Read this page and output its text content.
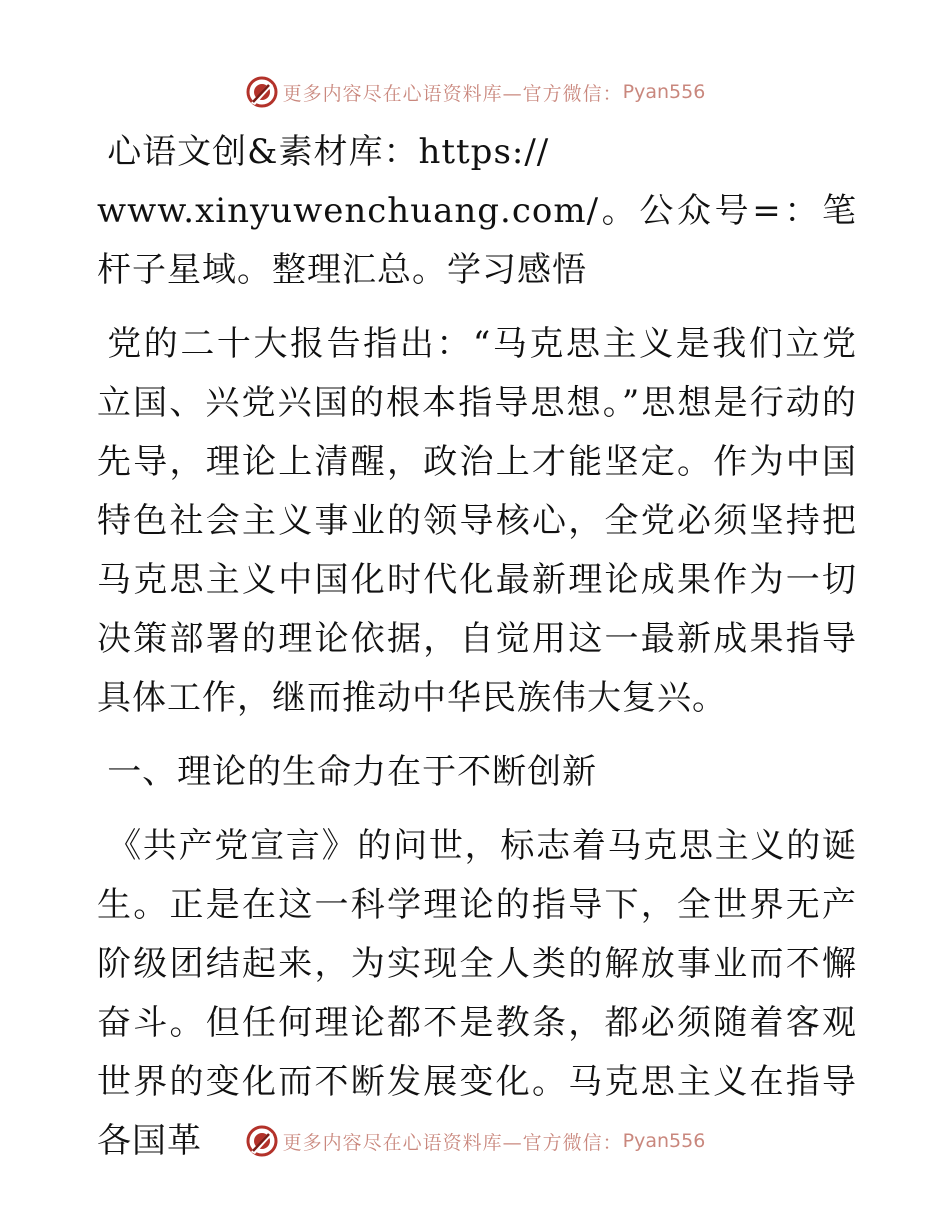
更多内容尽在心语资料库—官方微信： Pyan556

心语文创&素材库：https://

www.xinyuwenchuang.com/。公众号=：笔杆子星域。整理汇总。学习感悟

党的二十大报告指出：“马克思主义是我们立党立国、兴党兴国的根本指导思想。”思想是行动的先导，理论上清醒，政治上才能坚定。作为中国特色社会主义事业的领导核心，全党必须坚持把马克思主义中国化时代化最新理论成果作为一切决策部署的理论依据，自觉用这一最新成果指导具体工作，继而推动中华民族伟大复兴。

一、理论的生命力在于不断创新

《共产党宣言》的问世，标志着马克思主义的诞生。正是在这一科学理论的指导下，全世界无产阶级团结起来，为实现全人类的解放事业而不懈奋斗。但任何理论都不是教条，都必须随着客观世界的变化而不断发展变化。马克思主义在指导各国革	更多内容尽在心语资料库—官方微信： Pyan556
